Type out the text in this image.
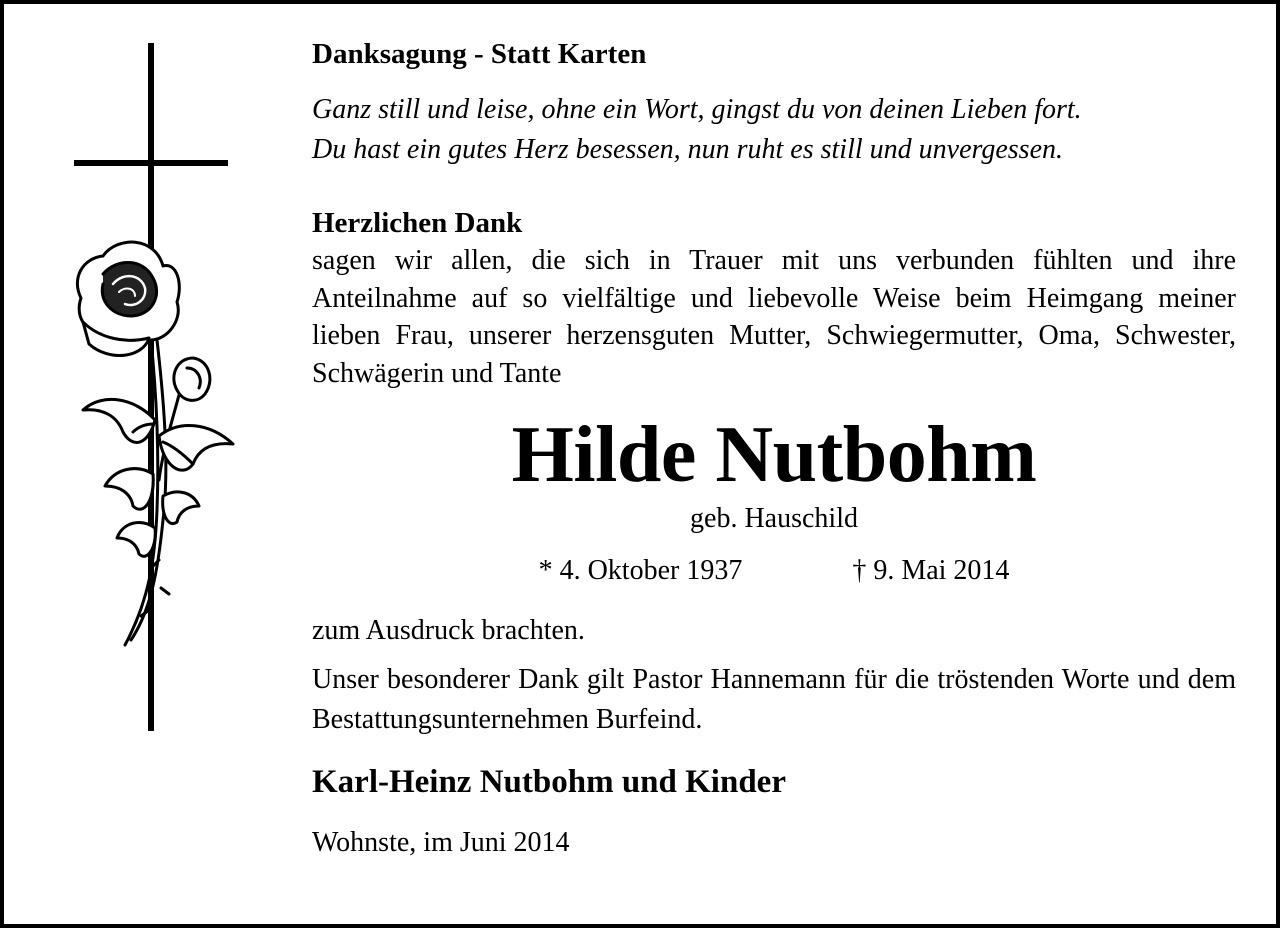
Danksagung - Statt Karten

Ganz still und leise, ohne ein Wort, gingst du von deinen Lieben fort.
Du hast ein gutes Herz besessen, nun ruht es still und unvergessen.

Herzlichen Dank

sagen wir allen, die sich in Trauer mit uns verbunden fühlten und ihre Anteilnahme auf so vielfältige und liebevolle Weise beim Heimgang meiner lieben Frau, unserer herzensguten Mutter, Schwiegermutter, Oma, Schwester, Schwägerin und Tante

Hilde Nutbohm

geb. Hauschild

* 4. Oktober 1937	† 9. Mai 2014

zum Ausdruck brachten.

Unser besonderer Dank gilt Pastor Hannemann für die tröstenden Worte und dem Bestattungsunternehmen Burfeind.

Karl-Heinz Nutbohm und Kinder

Wohnste, im Juni 2014
